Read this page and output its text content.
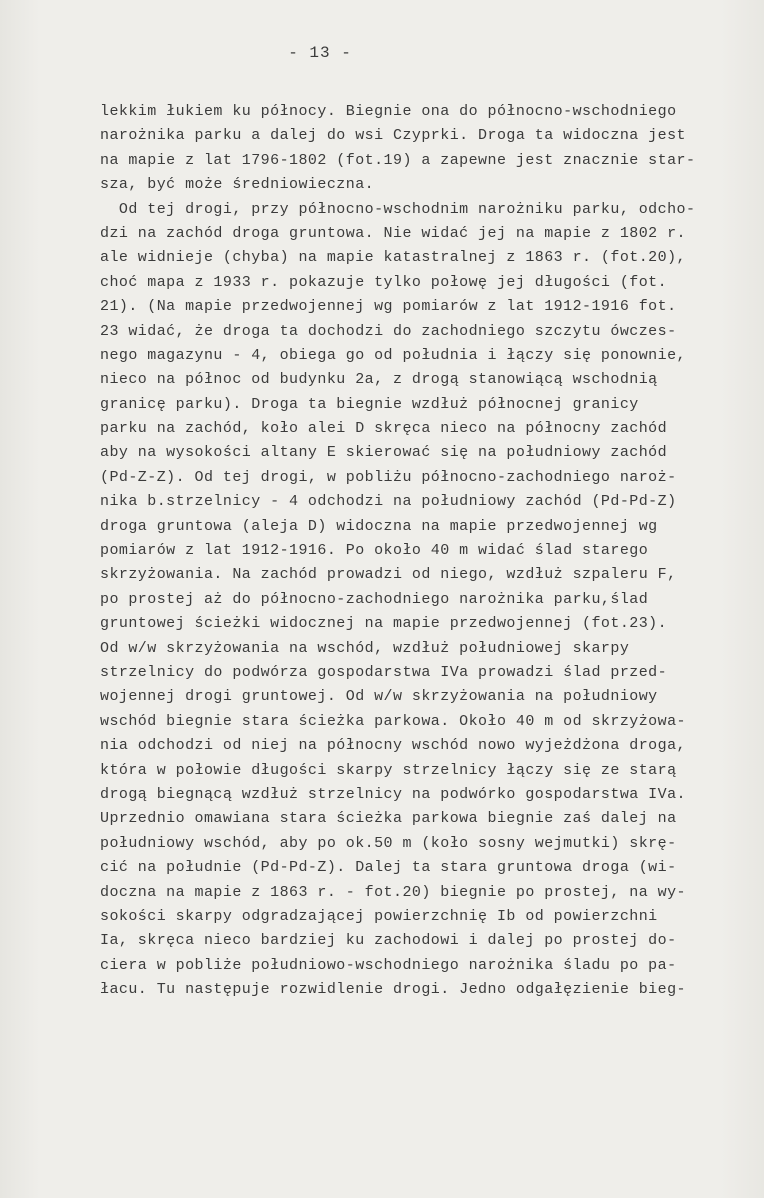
- 13 -
lekkim łukiem ku północy. Biegnie ona do północno-wschodniego
narożnika parku a dalej do wsi Czyprki. Droga ta widoczna jest
na mapie z lat 1796-1802 (fot.19) a zapewne jest znacznie star-
sza, być może średniowieczna.
Od tej drogi, przy północno-wschodnim narożniku parku, odcho-
dzi na zachód droga gruntowa. Nie widać jej na mapie z 1802 r.
ale widnieje (chyba) na mapie katastralnej z 1863 r. (fot.20),
choć mapa z 1933 r. pokazuje tylko połowę jej długości (fot.
21). (Na mapie przedwojennej wg pomiarów z lat 1912-1916 fot.
23 widać, że droga ta dochodzi do zachodniego szczytu ówczes-
nego magazynu - 4, obiega go od południa i łączy się ponownie,
nieco na północ od budynku 2a, z drogą stanowiącą wschodnią
granicę parku). Droga ta biegnie wzdłuż północnej granicy
parku na zachód, koło alei D skręca nieco na północny zachód
aby na wysokości altany E skierować się na południowy zachód
(Pd-Z-Z). Od tej drogi, w pobliżu północno-zachodniego naroż-
nika b.strzelnicy - 4 odchodzi na południowy zachód (Pd-Pd-Z)
droga gruntowa (aleja D) widoczna na mapie przedwojennej wg
pomiarów z lat 1912-1916. Po około 40 m widać ślad starego
skrzyżowania. Na zachód prowadzi od niego, wzdłuż szpaleru F,
po prostej aż do północno-zachodniego narożnika parku,ślad
gruntowej ścieżki widocznej na mapie przedwojennej (fot.23).
Od w/w skrzyżowania na wschód, wzdłuż południowej skarpy
strzelnicy do podwórza gospodarstwa IVa prowadzi ślad przed-
wojennej drogi gruntowej. Od w/w skrzyżowania na południowy
wschód biegnie stara ścieżka parkowa. Około 40 m od skrzyżowa-
nia odchodzi od niej na północny wschód nowo wyjeżdżona droga,
która w połowie długości skarpy strzelnicy łączy się ze starą
drogą biegnącą wzdłuż strzelnicy na podwórko gospodarstwa IVa.
Uprzednio omawiana stara ścieżka parkowa biegnie zaś dalej na
południowy wschód, aby po ok.50 m (koło sosny wejmutki) skrę-
cić na południe (Pd-Pd-Z). Dalej ta stara gruntowa droga (wi-
doczna na mapie z 1863 r. - fot.20) biegnie po prostej, na wy-
sokości skarpy odgradzającej powierzchnię Ib od powierzchni
Ia, skręca nieco bardziej ku zachodowi i dalej po prostej do-
ciera w pobliże południowo-wschodniego narożnika śladu po pa-
łacu. Tu następuje rozwidlenie drogi. Jedno odgałęzienie bieg-
